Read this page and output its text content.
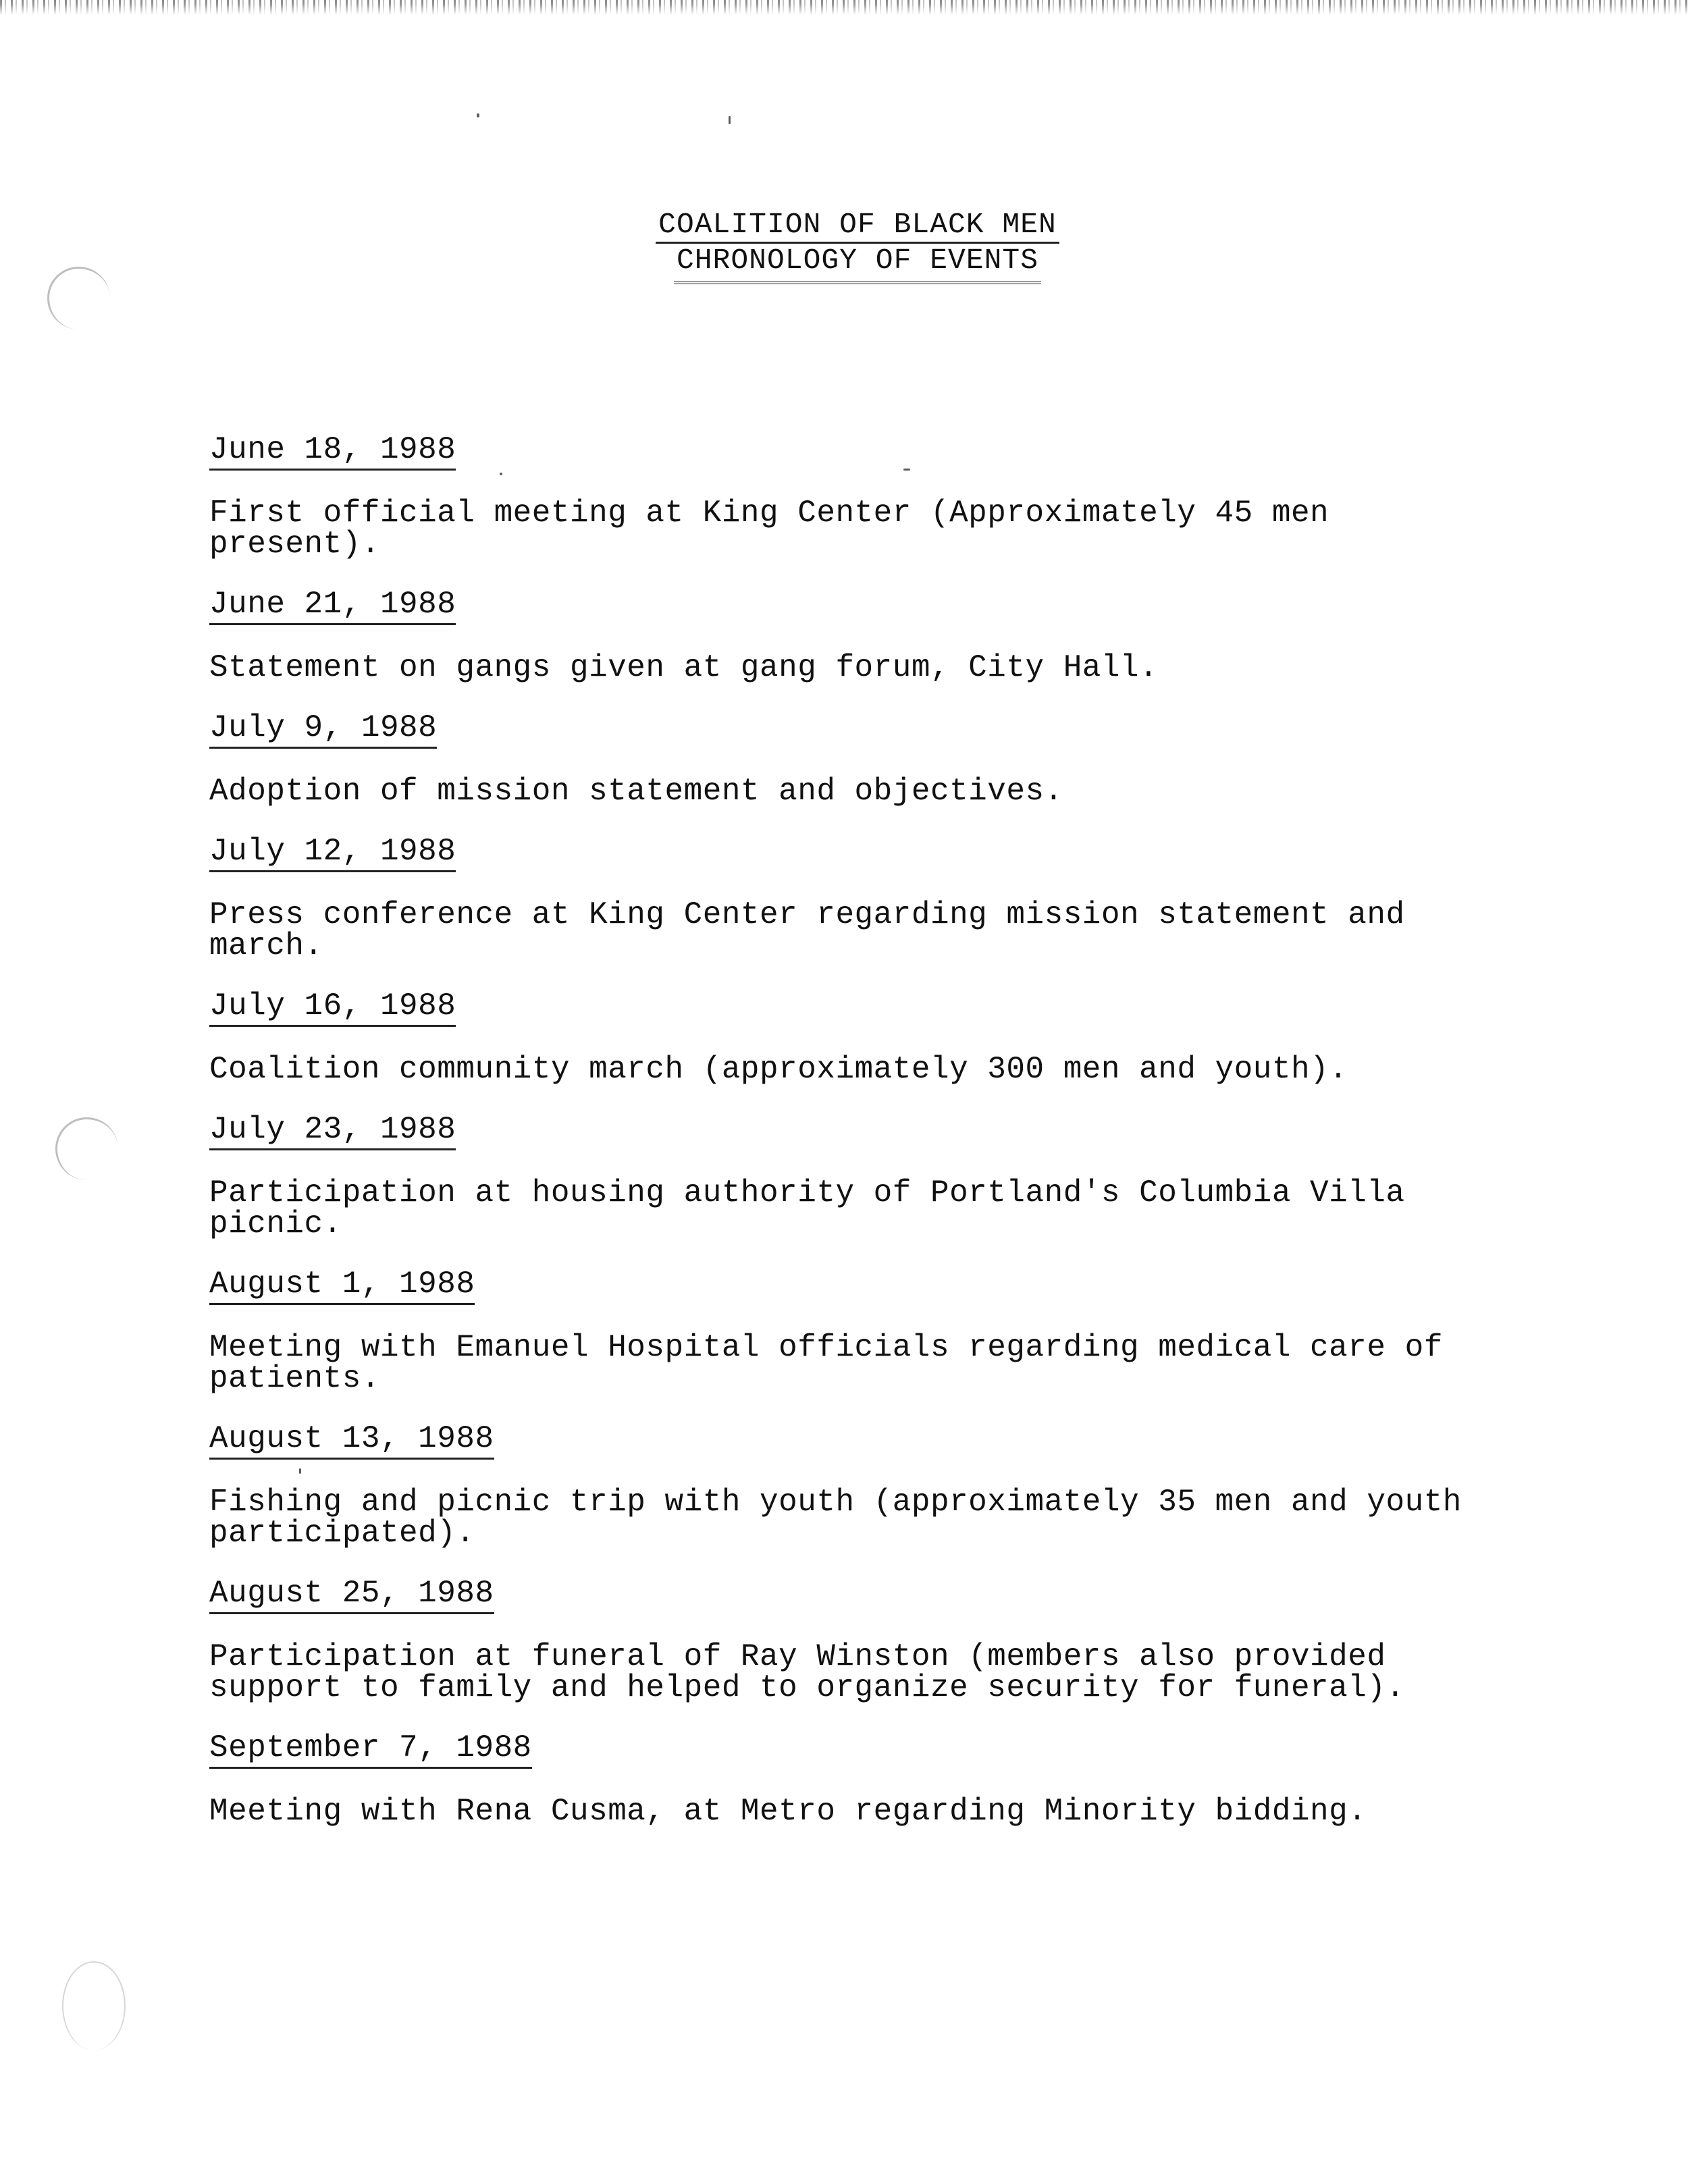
COALITION OF BLACK MEN
CHRONOLOGY OF EVENTS
June 18, 1988
First official meeting at King Center (Approximately 45 men
present).
June 21, 1988
Statement on gangs given at gang forum, City Hall.
July 9, 1988
Adoption of mission statement and objectives.
July 12, 1988
Press conference at King Center regarding mission statement and
march.
July 16, 1988
Coalition community march (approximately 300 men and youth).
July 23, 1988
Participation at housing authority of Portland's Columbia Villa
picnic.
August 1, 1988
Meeting with Emanuel Hospital officials regarding medical care of
patients.
August 13, 1988
Fishing and picnic trip with youth (approximately 35 men and youth
participated).
August 25, 1988
Participation at funeral of Ray Winston (members also provided
support to family and helped to organize security for funeral).
September 7, 1988
Meeting with Rena Cusma, at Metro regarding Minority bidding.
